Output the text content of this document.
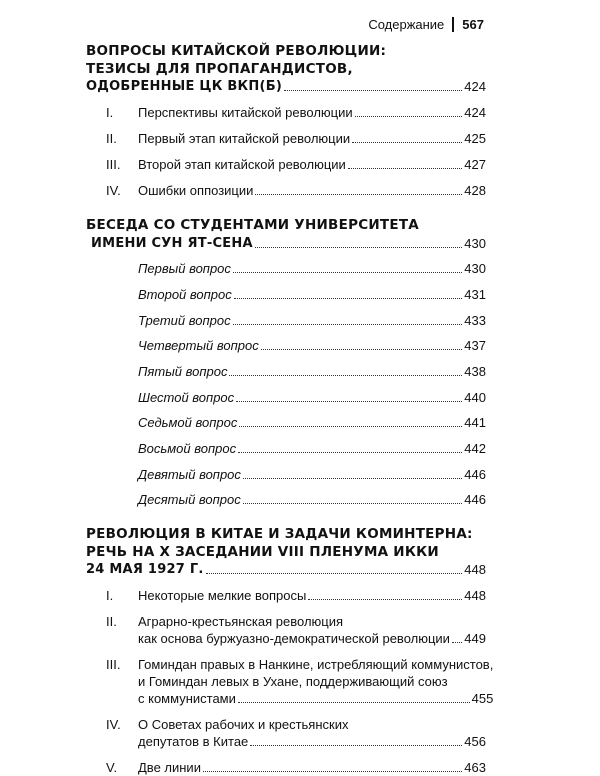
Содержание 567
ВОПРОСЫ КИТАЙСКОЙ РЕВОЛЮЦИИ:
ТЕЗИСЫ ДЛЯ ПРОПАГАНДИСТОВ,
ОДОБРЕННЫЕ ЦК ВКП(Б)	424
I.	Перспективы китайской революции	424
II.	Первый этап китайской революции	425
III.	Второй этап китайской революции	427
IV.	Ошибки оппозиции	428
БЕСЕДА СО СТУДЕНТАМИ УНИВЕРСИТЕТА
ИМЕНИ СУН ЯТ-СЕНА	430
Первый вопрос	430
Второй вопрос	431
Третий вопрос	433
Четвертый вопрос	437
Пятый вопрос	438
Шестой вопрос	440
Седьмой вопрос	441
Восьмой вопрос	442
Девятый вопрос	446
Десятый вопрос	446
РЕВОЛЮЦИЯ В КИТАЕ И ЗАДАЧИ КОМИНТЕРНА:
РЕЧЬ НА X ЗАСЕДАНИИ VIII ПЛЕНУМА ИККИ
24 МАЯ 1927 Г.	448
I.	Некоторые мелкие вопросы	448
II.	Аграрно-крестьянская революция
как основа буржуазно-демократической революции 449
III.	Гоминдан правых в Нанкине, истребляющий коммунистов,
и Гоминдан левых в Ухане, поддерживающий союз
с коммунистами	455
IV.	О Советах рабочих и крестьянских
депутатов в Китае	456
V.	Две линии	463
